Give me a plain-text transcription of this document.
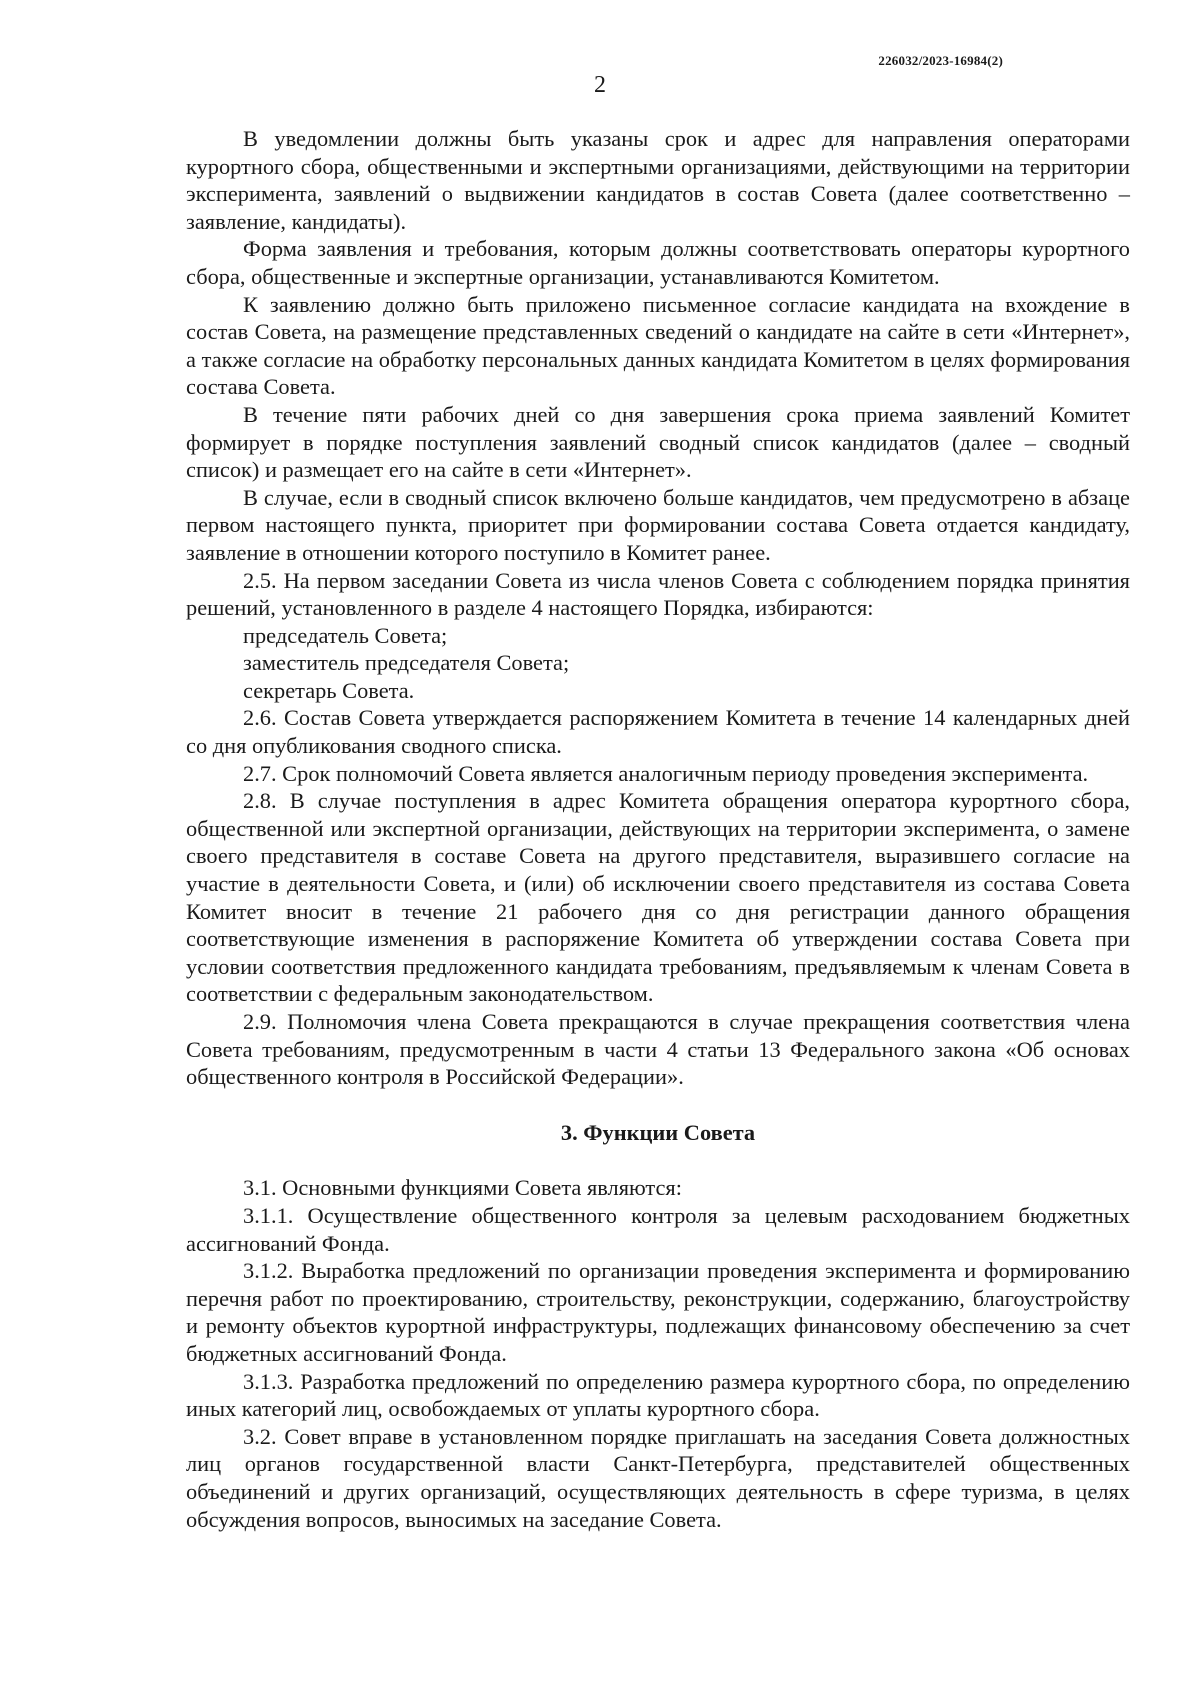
226032/2023-16984(2)
2

В уведомлении должны быть указаны срок и адрес для направления операторами курортного сбора, общественными и экспертными организациями, действующими на территории эксперимента, заявлений о выдвижении кандидатов в состав Совета (далее соответственно – заявление, кандидаты).

Форма заявления и требования, которым должны соответствовать операторы курортного сбора, общественные и экспертные организации, устанавливаются Комитетом.

К заявлению должно быть приложено письменное согласие кандидата на вхождение в состав Совета, на размещение представленных сведений о кандидате на сайте в сети «Интернет», а также согласие на обработку персональных данных кандидата Комитетом в целях формирования состава Совета.

В течение пяти рабочих дней со дня завершения срока приема заявлений Комитет формирует в порядке поступления заявлений сводный список кандидатов (далее – сводный список) и размещает его на сайте в сети «Интернет».

В случае, если в сводный список включено больше кандидатов, чем предусмотрено в абзаце первом настоящего пункта, приоритет при формировании состава Совета отдается кандидату, заявление в отношении которого поступило в Комитет ранее.

2.5. На первом заседании Совета из числа членов Совета с соблюдением порядка принятия решений, установленного в разделе 4 настоящего Порядка, избираются:

председатель Совета;

заместитель председателя Совета;

секретарь Совета.

2.6. Состав Совета утверждается распоряжением Комитета в течение 14 календарных дней со дня опубликования сводного списка.

2.7. Срок полномочий Совета является аналогичным периоду проведения эксперимента.

2.8. В случае поступления в адрес Комитета обращения оператора курортного сбора, общественной или экспертной организации, действующих на территории эксперимента, о замене своего представителя в составе Совета на другого представителя, выразившего согласие на участие в деятельности Совета, и (или) об исключении своего представителя из состава Совета Комитет вносит в течение 21 рабочего дня со дня регистрации данного обращения соответствующие изменения в распоряжение Комитета об утверждении состава Совета при условии соответствия предложенного кандидата требованиям, предъявляемым к членам Совета в соответствии с федеральным законодательством.

2.9. Полномочия члена Совета прекращаются в случае прекращения соответствия члена Совета требованиям, предусмотренным в части 4 статьи 13 Федерального закона «Об основах общественного контроля в Российской Федерации».

3. Функции Совета

3.1. Основными функциями Совета являются:

3.1.1. Осуществление общественного контроля за целевым расходованием бюджетных ассигнований Фонда.

3.1.2. Выработка предложений по организации проведения эксперимента и формированию перечня работ по проектированию, строительству, реконструкции, содержанию, благоустройству и ремонту объектов курортной инфраструктуры, подлежащих финансовому обеспечению за счет бюджетных ассигнований Фонда.

3.1.3. Разработка предложений по определению размера курортного сбора, по определению иных категорий лиц, освобождаемых от уплаты курортного сбора.

3.2. Совет вправе в установленном порядке приглашать на заседания Совета должностных лиц органов государственной власти Санкт-Петербурга, представителей общественных объединений и других организаций, осуществляющих деятельность в сфере туризма, в целях обсуждения вопросов, выносимых на заседание Совета.
